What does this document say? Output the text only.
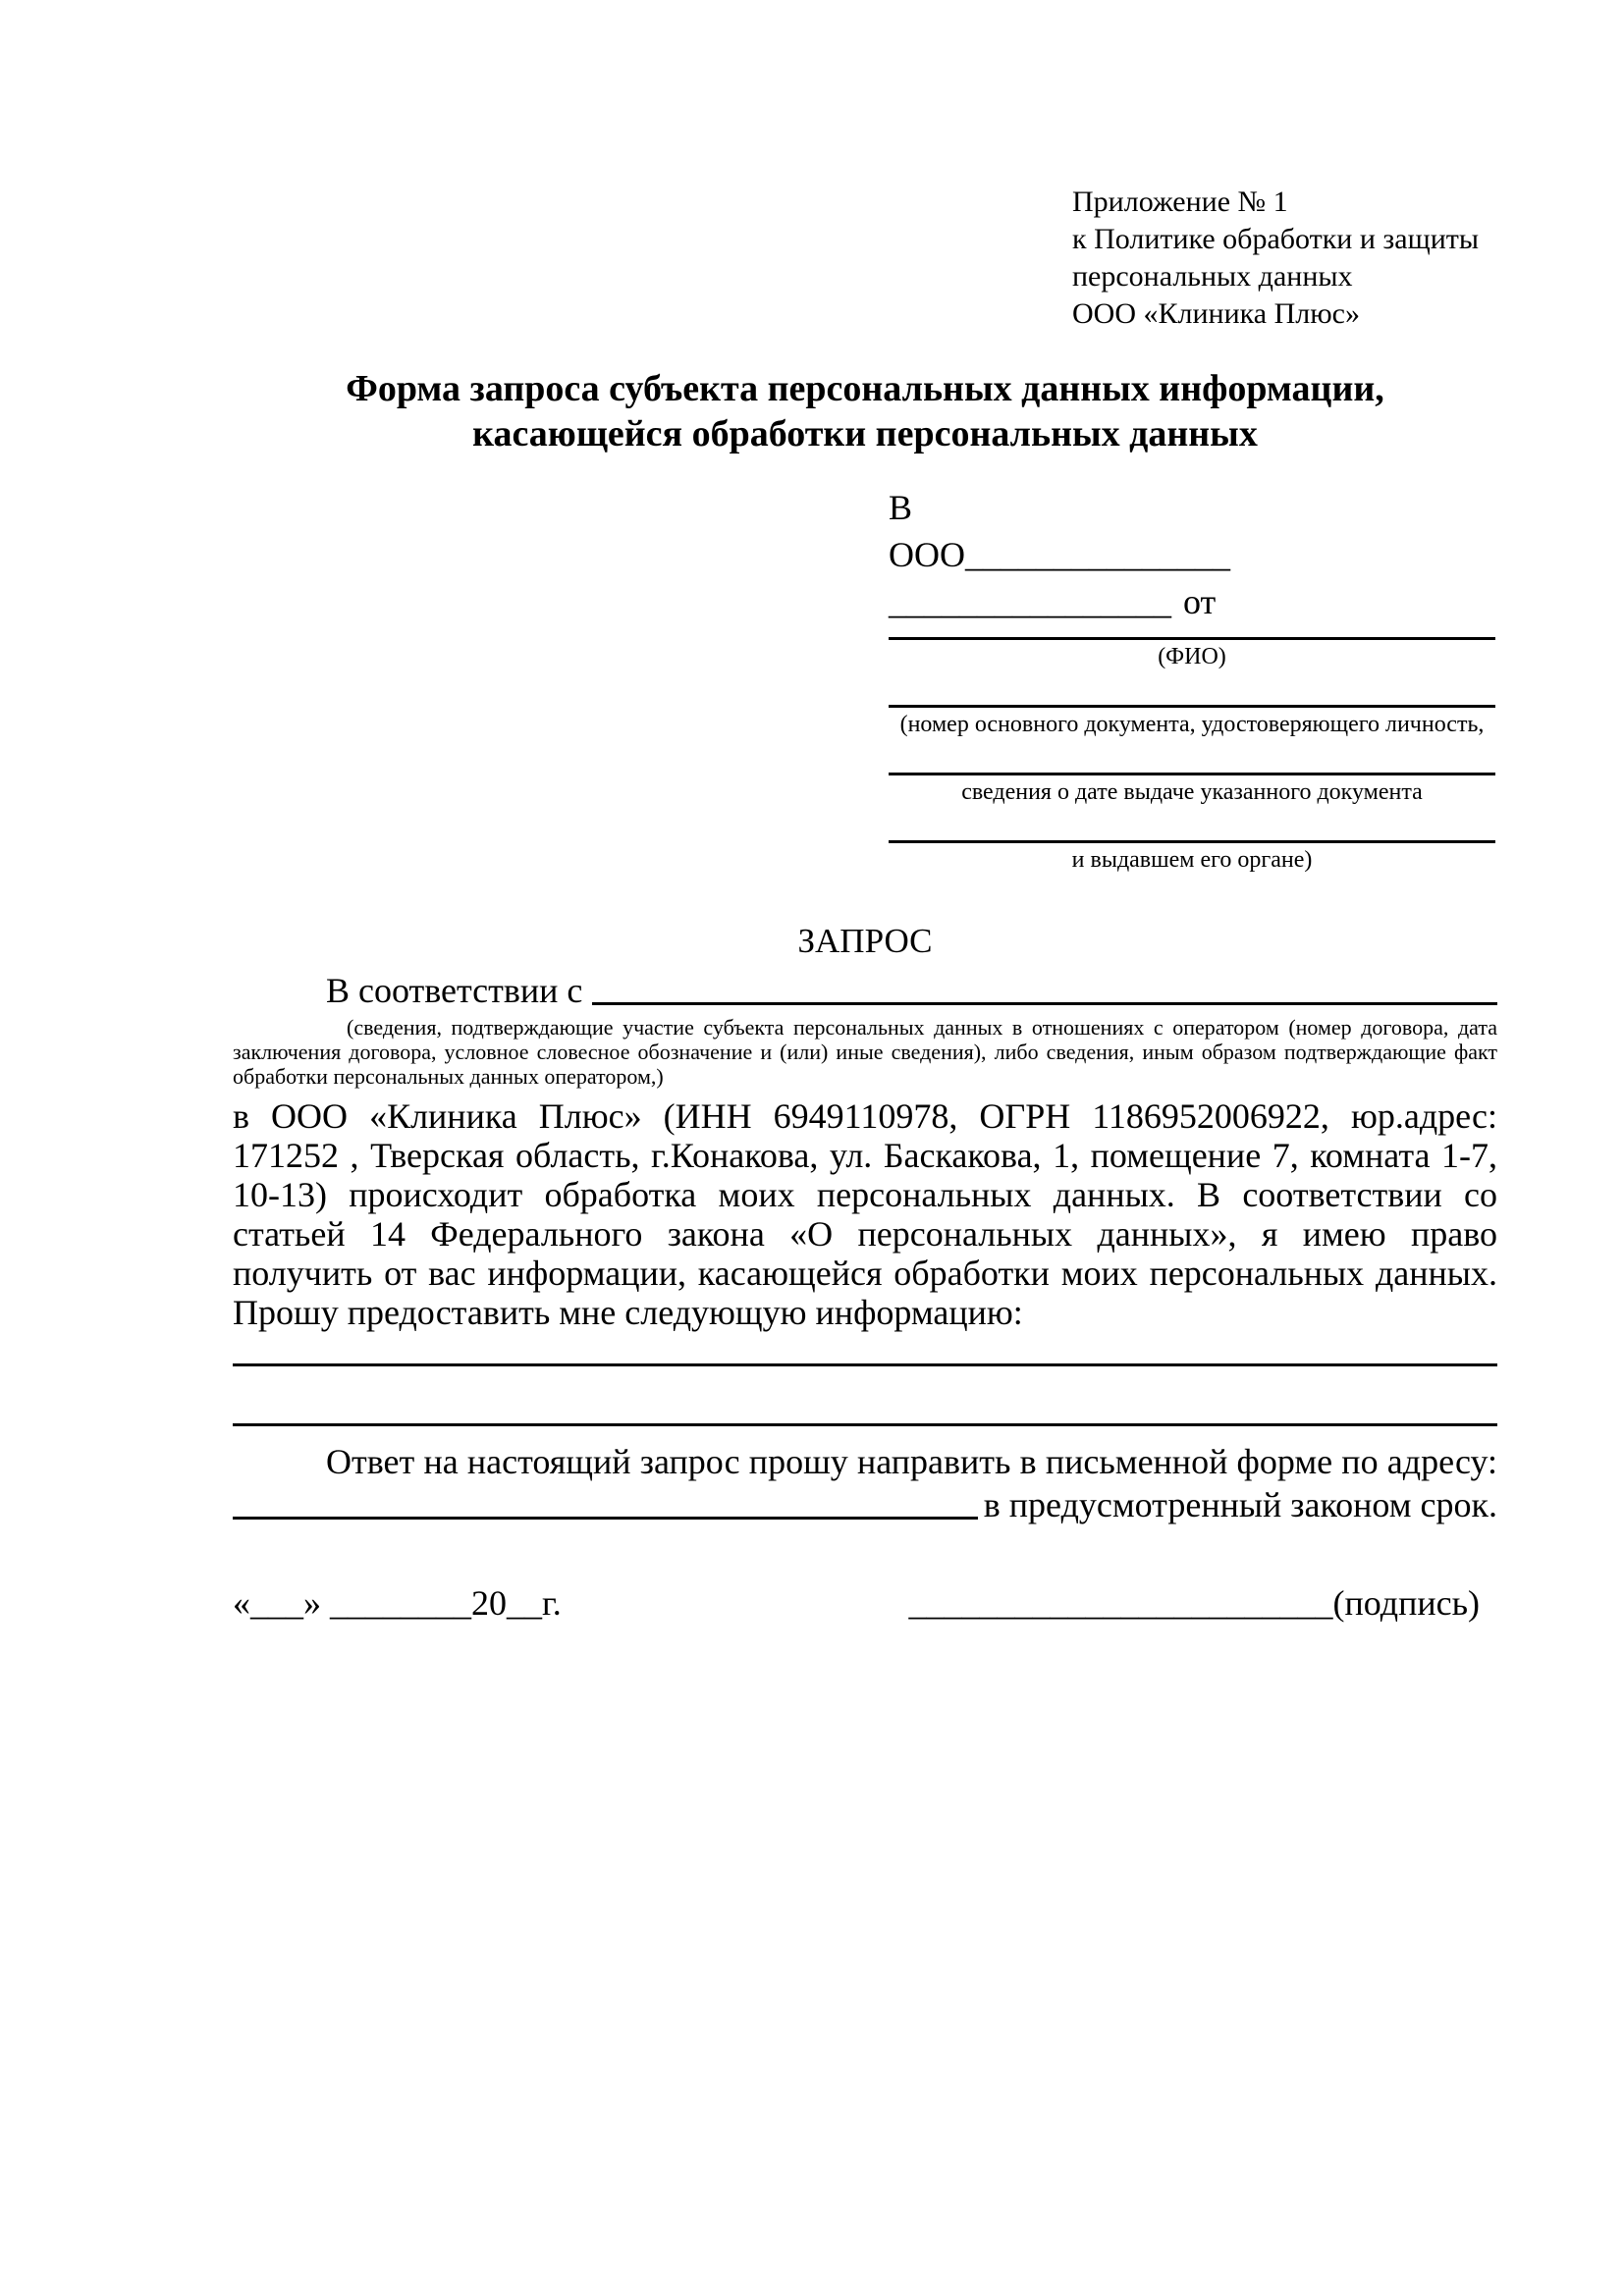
Приложение № 1
к Политике обработки и защиты
персональных данных
ООО «Клиника Плюс»
Форма запроса субъекта персональных данных информации,
касающейся обработки персональных данных
В
ООО_______________
________________ от
(ФИО)
(номер основного документа, удостоверяющего личность,
сведения о дате выдаче указанного документа
и выдавшем его органе)
ЗАПРОС
В соответствии с
(сведения, подтверждающие участие субъекта персональных данных в отношениях с оператором (номер договора, дата заключения договора, условное словесное обозначение и (или) иные сведения), либо сведения, иным образом подтверждающие факт обработки персональных данных оператором,)
в ООО «Клиника Плюс» (ИНН 6949110978, ОГРН 1186952006922, юр.адрес: 171252 , Тверская область, г.Конакова, ул. Баскакова, 1, помещение 7, комната 1-7, 10-13) происходит обработка моих персональных данных. В соответствии со статьей 14 Федерального закона «О персональных данных», я имею право получить от вас информации, касающейся обработки моих персональных данных. Прошу предоставить мне следующую информацию:
Ответ на настоящий запрос прошу направить в письменной форме по адресу:
в предусмотренный законом срок.
«___» ________20__г.	________________________(подпись)
